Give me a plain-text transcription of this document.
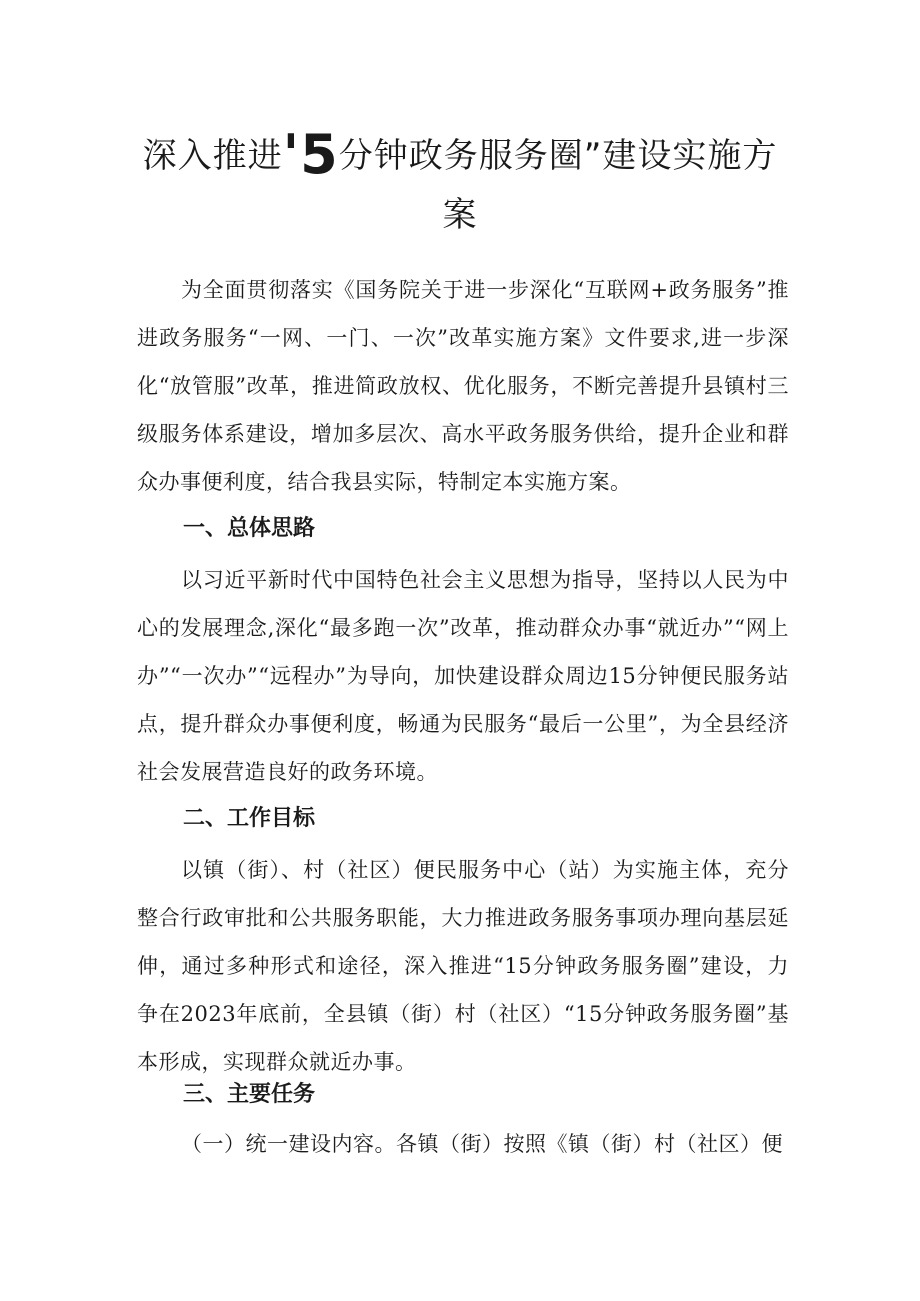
深入推进'5分钟政务服务圈”建设实施方
案

为全面贯彻落实《国务院关于进一步深化“互联网+政务服务”推进政务服务“一网、一门、一次”改革实施方案》文件要求,进一步深化“放管服”改革，推进简政放权、优化服务，不断完善提升县镇村三级服务体系建设，增加多层次、高水平政务服务供给，提升企业和群众办事便利度，结合我县实际，特制定本实施方案。

一、总体思路

以习近平新时代中国特色社会主义思想为指导，坚持以人民为中心的发展理念,深化“最多跑一次”改革，推动群众办事“就近办”“网上办”“一次办”“远程办”为导向，加快建设群众周边15分钟便民服务站点，提升群众办事便利度，畅通为民服务“最后一公里”，为全县经济社会发展营造良好的政务环境。

二、工作目标

以镇（街）、村（社区）便民服务中心（站）为实施主体，充分整合行政审批和公共服务职能，大力推进政务服务事项办理向基层延伸，通过多种形式和途径，深入推进“15分钟政务服务圈”建设，力争在2023年底前，全县镇（街）村（社区）“15分钟政务服务圈”基本形成，实现群众就近办事。

三、主要任务

（一）统一建设内容。各镇（街）按照《镇（街）村（社区）便
